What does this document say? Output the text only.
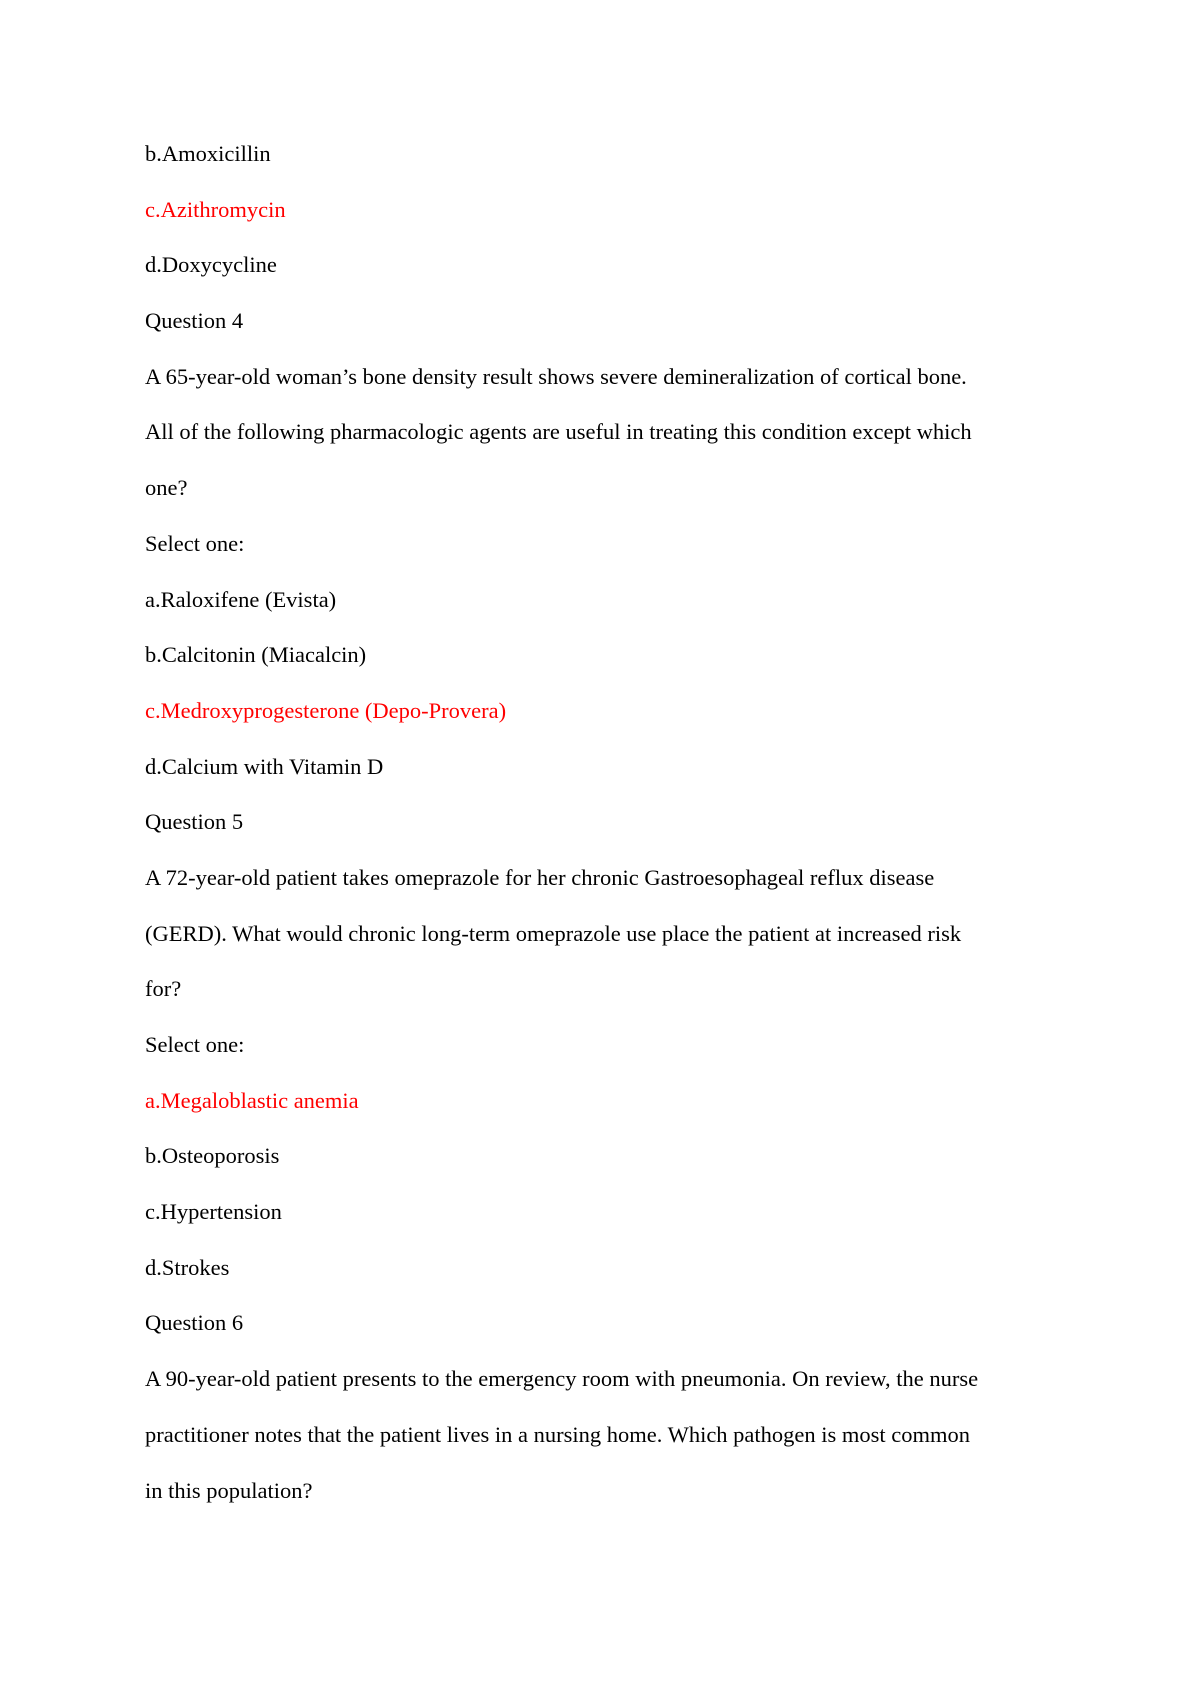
b.Amoxicillin
c.Azithromycin
d.Doxycycline
Question 4
A 65-year-old woman’s bone density result shows severe demineralization of cortical bone.
All of the following pharmacologic agents are useful in treating this condition except which
one?
Select one:
a.Raloxifene (Evista)
b.Calcitonin (Miacalcin)
c.Medroxyprogesterone (Depo-Provera)
d.Calcium with Vitamin D
Question 5
A 72-year-old patient takes omeprazole for her chronic Gastroesophageal reflux disease
(GERD). What would chronic long-term omeprazole use place the patient at increased risk
for?
Select one:
a.Megaloblastic anemia
b.Osteoporosis
c.Hypertension
d.Strokes
Question 6
A 90-year-old patient presents to the emergency room with pneumonia. On review, the nurse
practitioner notes that the patient lives in a nursing home. Which pathogen is most common
in this population?
